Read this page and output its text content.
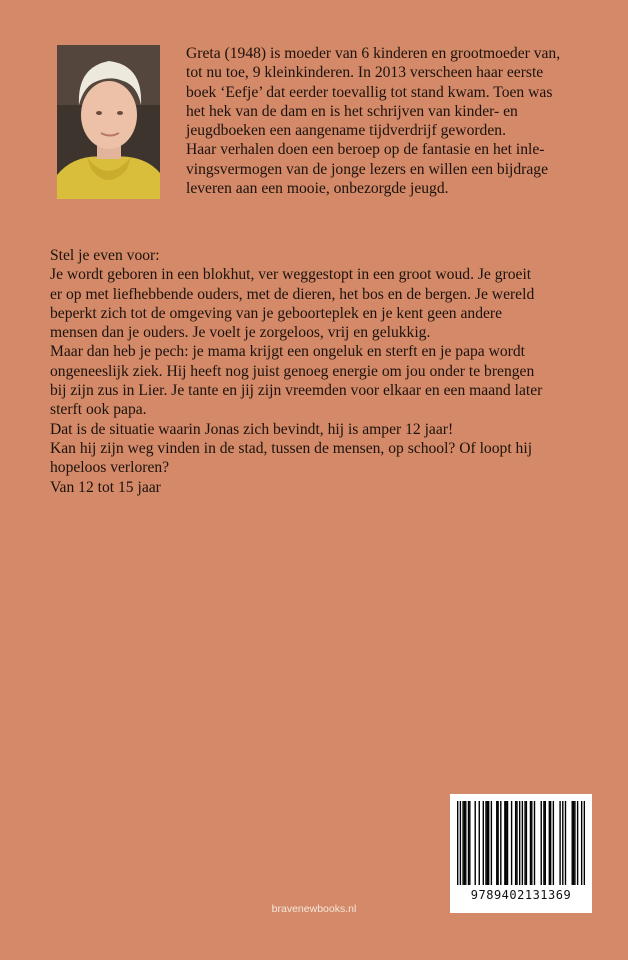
Greta (1948) is moeder van 6 kinderen en grootmoeder van,

tot nu toe, 9 kleinkinderen. In 2013 verscheen haar eerste

boek ‘Eefje’ dat eerder toevallig tot stand kwam. Toen was

het hek van de dam en is het schrijven van kinder- en

jeugdboeken een aangename tijdverdrijf geworden.

Haar verhalen doen een beroep op de fantasie en het inle-

vingsvermogen van de jonge lezers en willen een bijdrage

leveren aan een mooie, onbezorgde jeugd.

Stel je even voor:

Je wordt geboren in een blokhut, ver weggestopt in een groot woud. Je groeit

er op met liefhebbende ouders, met de dieren, het bos en de bergen. Je wereld

beperkt zich tot de omgeving van je geboorteplek en je kent geen andere

mensen dan je ouders. Je voelt je zorgeloos, vrij en gelukkig.

Maar dan heb je pech: je mama krijgt een ongeluk en sterft en je papa wordt

ongeneeslijk ziek. Hij heeft nog juist genoeg energie om jou onder te brengen

bij zijn zus in Lier. Je tante en jij zijn vreemden voor elkaar en een maand later

sterft ook papa.

Dat is de situatie waarin Jonas zich bevindt, hij is amper 12 jaar!

Kan hij zijn weg vinden in de stad, tussen de mensen, op school? Of loopt hij

hopeloos verloren?

Van 12 tot 15 jaar

bravenewbooks.nl
9789402131369
